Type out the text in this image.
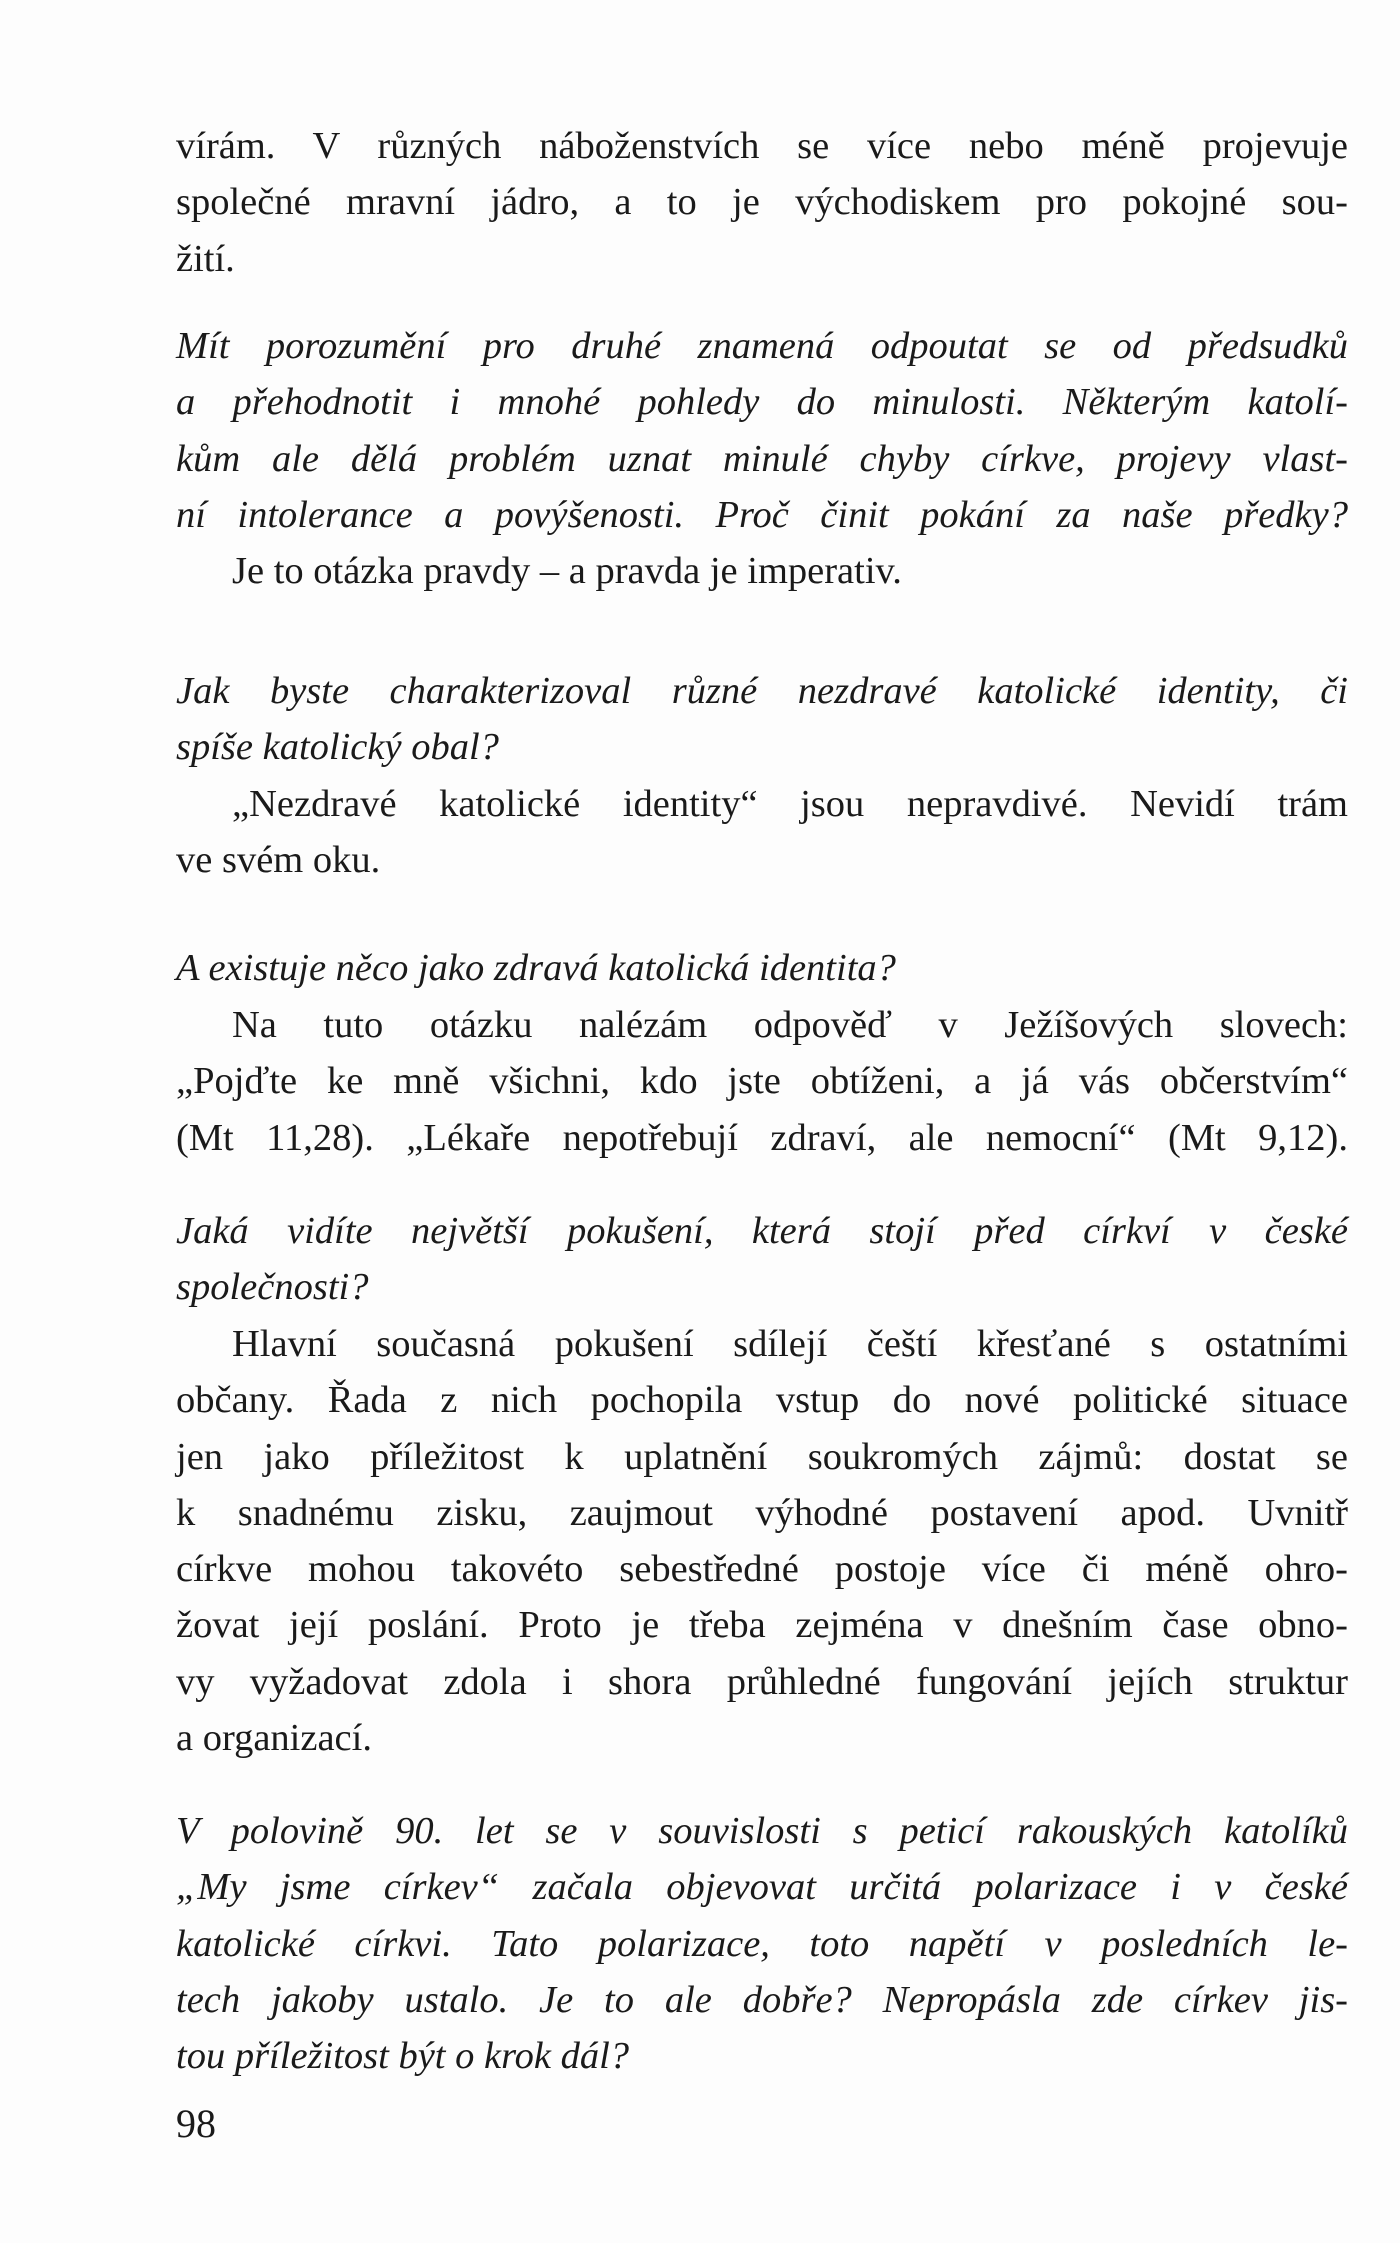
vírám. V různých náboženstvích se více nebo méně projevuje
společné mravní jádro, a to je východiskem pro pokojné sou-
žití.
Mít porozumění pro druhé znamená odpoutat se od předsudků
a přehodnotit i mnohé pohledy do minulosti. Některým katolí-
kům ale dělá problém uznat minulé chyby církve, projevy vlast-
ní intolerance a povýšenosti. Proč činit pokání za naše předky?
Je to otázka pravdy – a pravda je imperativ.
Jak byste charakterizoval různé nezdravé katolické identity, či
spíše katolický obal?
„Nezdravé katolické identity“ jsou nepravdivé. Nevidí trám
ve svém oku.
A existuje něco jako zdravá katolická identita?
Na tuto otázku nalézám odpověď v Ježíšových slovech:
„Pojďte ke mně všichni, kdo jste obtíženi, a já vás občerstvím“
(Mt 11,28). „Lékaře nepotřebují zdraví, ale nemocní“ (Mt 9,12).
Jaká vidíte největší pokušení, která stojí před církví v české
společnosti?
Hlavní současná pokušení sdílejí čeští křesťané s ostatními
občany. Řada z nich pochopila vstup do nové politické situace
jen jako příležitost k uplatnění soukromých zájmů: dostat se
k snadnému zisku, zaujmout výhodné postavení apod. Uvnitř
církve mohou takovéto sebestředné postoje více či méně ohro-
žovat její poslání. Proto je třeba zejména v dnešním čase obno-
vy vyžadovat zdola i shora průhledné fungování jejích struktur
a organizací.
V polovině 90. let se v souvislosti s peticí rakouských katolíků
„My jsme církev“ začala objevovat určitá polarizace i v české
katolické církvi. Tato polarizace, toto napětí v posledních le-
tech jakoby ustalo. Je to ale dobře? Nepropásla zde církev jis-
tou příležitost být o krok dál?
98
